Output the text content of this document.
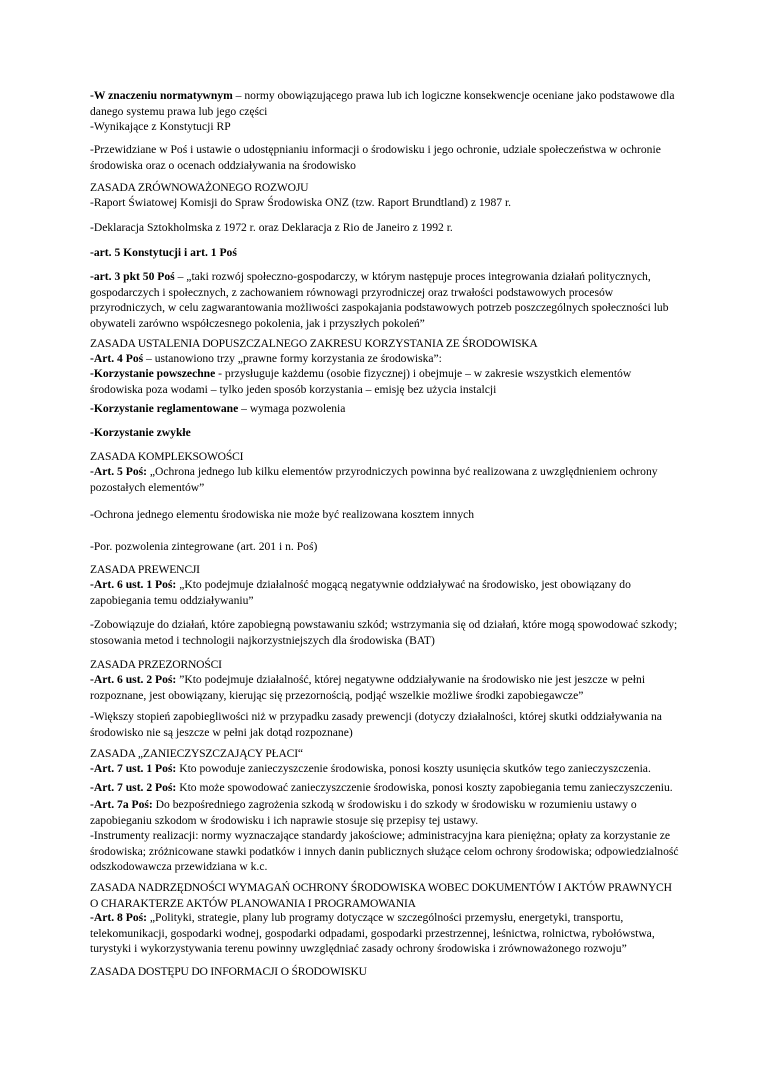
-W znaczeniu normatywnym – normy obowiązującego prawa lub ich logiczne konsekwencje oceniane jako podstawowe dla danego systemu prawa lub jego części
-Wynikające z Konstytucji RP

-Przewidziane w Poś i ustawie o udostępnianiu informacji o środowisku i jego ochronie, udziale społeczeństwa w ochronie środowiska oraz o ocenach oddziaływania na środowisko

ZASADA ZRÓWNOWAŻONEGO ROZWOJU

-Raport Światowej Komisji do Spraw Środowiska ONZ (tzw. Raport Brundtland) z 1987 r.

-Deklaracja Sztokholmska z 1972 r. oraz Deklaracja z Rio de Janeiro z 1992 r.

-art. 5 Konstytucji i art. 1 Poś

-art. 3 pkt 50 Poś – „taki rozwój społeczno-gospodarczy, w którym następuje proces integrowania działań politycznych, gospodarczych i społecznych, z zachowaniem równowagi przyrodniczej oraz trwałości podstawowych procesów przyrodniczych, w celu zagwarantowania możliwości zaspokajania podstawowych potrzeb poszczególnych społeczności lub obywateli zarówno współczesnego pokolenia, jak i przyszłych pokoleń”

ZASADA USTALENIA DOPUSZCZALNEGO ZAKRESU KORZYSTANIA ZE ŚRODOWISKA

-Art. 4 Poś – ustanowiono trzy „prawne formy korzystania ze środowiska”:

-Korzystanie powszechne - przysługuje każdemu (osobie fizycznej) i obejmuje – w zakresie wszystkich elementów środowiska poza wodami – tylko jeden sposób korzystania – emisję bez użycia instalcji

-Korzystanie reglamentowane – wymaga pozwolenia

-Korzystanie zwykłe

ZASADA KOMPLEKSOWOŚCI

-Art. 5 Poś: „Ochrona jednego lub kilku elementów przyrodniczych powinna być realizowana z uwzględnieniem ochrony pozostałych elementów”

-Ochrona jednego elementu środowiska nie może być realizowana kosztem innych

-Por. pozwolenia zintegrowane (art. 201 i n. Poś)

ZASADA PREWENCJI

-Art. 6 ust. 1 Poś: „Kto podejmuje działalność mogącą negatywnie oddziaływać na środowisko, jest obowiązany do zapobiegania temu oddziaływaniu”

-Zobowiązuje do działań, które zapobiegną powstawaniu szkód; wstrzymania się od działań, które mogą spowodować szkody; stosowania metod i technologii najkorzystniejszych dla środowiska (BAT)

ZASADA PRZEZORNOŚCI

-Art. 6 ust. 2 Poś: ”Kto podejmuje działalność, której negatywne oddziaływanie na środowisko nie jest jeszcze w pełni rozpoznane, jest obowiązany, kierując się przezornością, podjąć wszelkie możliwe środki zapobiegawcze”

-Większy stopień zapobiegliwości niż w przypadku zasady prewencji (dotyczy działalności, której skutki oddziaływania na środowisko nie są jeszcze w pełni jak dotąd rozpoznane)

ZASADA „ZANIECZYSZCZAJĄCY PŁACI“

-Art. 7 ust. 1 Poś: Kto powoduje zanieczyszczenie środowiska, ponosi koszty usunięcia skutków tego zanieczyszczenia.

-Art. 7 ust. 2 Poś: Kto może spowodować zanieczyszczenie środowiska, ponosi koszty zapobiegania temu zanieczyszczeniu.

-Art. 7a Poś: Do bezpośredniego zagrożenia szkodą w środowisku i do szkody w środowisku w rozumieniu ustawy o zapobieganiu szkodom w środowisku i ich naprawie stosuje się przepisy tej ustawy.

-Instrumenty realizacji: normy wyznaczające standardy jakościowe; administracyjna kara pieniężna; opłaty za korzystanie ze środowiska; zróżnicowane stawki podatków i innych danin publicznych służące celom ochrony środowiska; odpowiedzialność odszkodowawcza przewidziana w k.c.

ZASADA NADRZĘDNOŚCI WYMAGAŃ OCHRONY ŚRODOWISKA WOBEC DOKUMENTÓW I AKTÓW PRAWNYCH O CHARAKTERZE AKTÓW PLANOWANIA I PROGRAMOWANIA

-Art. 8 Poś: „Polityki, strategie, plany lub programy dotyczące w szczególności przemysłu, energetyki, transportu, telekomunikacji, gospodarki wodnej, gospodarki odpadami, gospodarki przestrzennej, leśnictwa, rolnictwa, rybołówstwa, turystyki i wykorzystywania terenu powinny uwzględniać zasady ochrony środowiska i zrównoważonego rozwoju”

ZASADA DOSTĘPU DO INFORMACJI O ŚRODOWISKU
